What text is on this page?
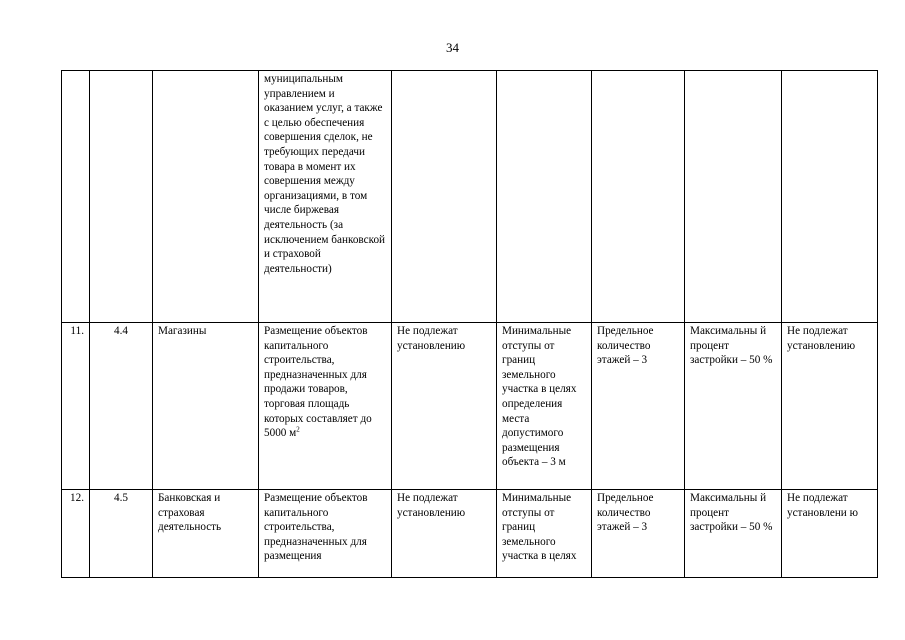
34
			муниципальным управлением и оказанием услуг, а также с целью обеспечения совершения сделок, не требующих передачи товара в момент их совершения между организациями, в том числе биржевая деятельность (за исключением банковской и страховой деятельности)					
11.	4.4	Магазины	Размещение объектов капитального строительства, предназначенных для продажи товаров, торговая площадь которых составляет до 5000 $м^2$	Не подлежат установлению	Минимальные отступы от границ земельного участка в целях определения места допустимого размещения объекта – 3 м	Предельное количество этажей – 3	Максимальны й процент застройки – 50 %	Не подлежат установлению
12.	4.5	Банковская и страховая деятельность	Размещение объектов капитального строительства, предназначенных для размещения	Не подлежат установлению	Минимальные отступы от границ земельного участка в целях	Предельное количество этажей – 3	Максимальны й процент застройки – 50 %	Не подлежат установлени ю
